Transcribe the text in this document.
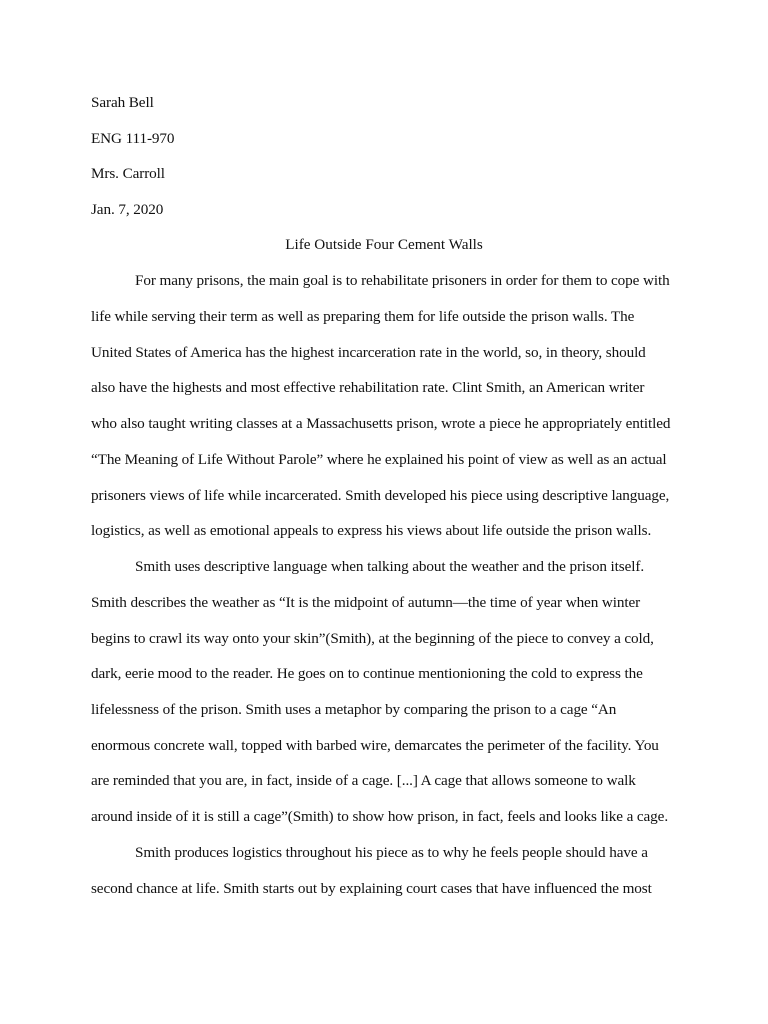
Sarah Bell
ENG 111-970
Mrs. Carroll
Jan. 7, 2020
Life Outside Four Cement Walls
For many prisons, the main goal is to rehabilitate prisoners in order for them to cope with
life while serving their term as well as preparing them for life outside the prison walls. The
United States of America has the highest incarceration rate in the world, so, in theory, should
also have the highests and most effective rehabilitation rate. Clint Smith, an American writer
who also taught writing classes at a Massachusetts prison, wrote a piece he appropriately entitled
“The Meaning of Life Without Parole” where he explained his point of view as well as an actual
prisoners views of life while incarcerated. Smith developed his piece using descriptive language,
logistics, as well as emotional appeals to express his views about life outside the prison walls.
Smith uses descriptive language when talking about the weather and the prison itself.
Smith describes the weather as “It is the midpoint of autumn—the time of year when winter
begins to crawl its way onto your skin”(Smith), at the beginning of the piece to convey a cold,
dark, eerie mood to the reader. He goes on to continue mentionioning the cold to express the
lifelessness of the prison. Smith uses a metaphor by comparing the prison to a cage “An
enormous concrete wall, topped with barbed wire, demarcates the perimeter of the facility. You
are reminded that you are, in fact, inside of a cage. [...] A cage that allows someone to walk
around inside of it is still a cage”(Smith) to show how prison, in fact, feels and looks like a cage.
Smith produces logistics throughout his piece as to why he feels people should have a
second chance at life. Smith starts out by explaining court cases that have influenced the most
